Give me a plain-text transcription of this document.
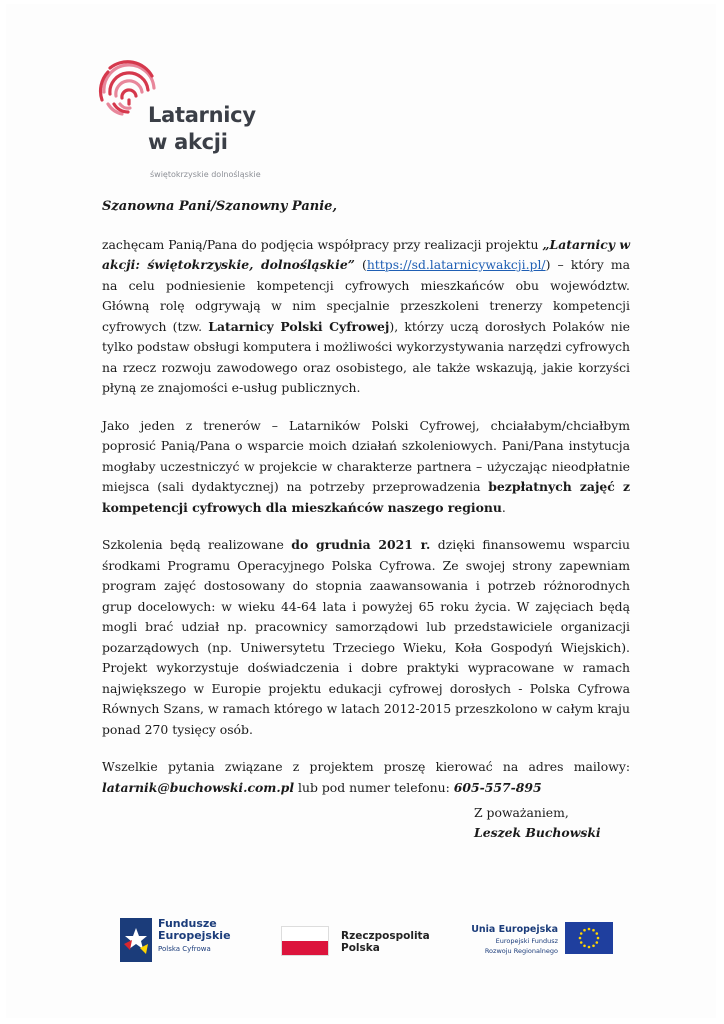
Latarnicy
w akcji
świętokrzyskie dolnośląskie

Szanowna Pani/Szanowny Panie,

zachęcam Panią/Pana do podjęcia współpracy przy realizacji projektu „Latarnicy w akcji: świętokrzyskie, dolnośląskie” (https://sd.latarnicywakcji.pl/) – który ma na celu podniesienie kompetencji cyfrowych mieszkańców obu województw. Główną rolę odgrywają w nim specjalnie przeszkoleni trenerzy kompetencji cyfrowych (tzw. Latarnicy Polski Cyfrowej), którzy uczą dorosłych Polaków nie tylko podstaw obsługi komputera i możliwości wykorzystywania narzędzi cyfrowych na rzecz rozwoju zawodowego oraz osobistego, ale także wskazują, jakie korzyści płyną ze znajomości e-usług publicznych.

Jako jeden z trenerów – Latarników Polski Cyfrowej, chciałabym/chciałbym poprosić Panią/Pana o wsparcie moich działań szkoleniowych. Pani/Pana instytucja mogłaby uczestniczyć w projekcie w charakterze partnera – użyczając nieodpłatnie miejsca (sali dydaktycznej) na potrzeby przeprowadzenia bezpłatnych zajęć z kompetencji cyfrowych dla mieszkańców naszego regionu.

Szkolenia będą realizowane do grudnia 2021 r. dzięki finansowemu wsparciu środkami Programu Operacyjnego Polska Cyfrowa. Ze swojej strony zapewniam program zajęć dostosowany do stopnia zaawansowania i potrzeb różnorodnych grup docelowych: w wieku 44-64 lata i powyżej 65 roku życia. W zajęciach będą mogli brać udział np. pracownicy samorządowi lub przedstawiciele organizacji pozarządowych (np. Uniwersytetu Trzeciego Wieku, Koła Gospodyń Wiejskich). Projekt wykorzystuje doświadczenia i dobre praktyki wypracowane w ramach największego w Europie projektu edukacji cyfrowej dorosłych - Polska Cyfrowa Równych Szans, w ramach którego w latach 2012-2015 przeszkolono w całym kraju ponad 270 tysięcy osób.

Wszelkie pytania związane z projektem proszę kierować na adres mailowy: latarnik@buchowski.com.pl lub pod numer telefonu: 605-557-895

Z poważaniem,
Leszek Buchowski
Fundusze
Europejskie
Polska Cyfrowa
Rzeczpospolita
Polska
Unia Europejska
Europejski Fundusz
Rozwoju Regionalnego
